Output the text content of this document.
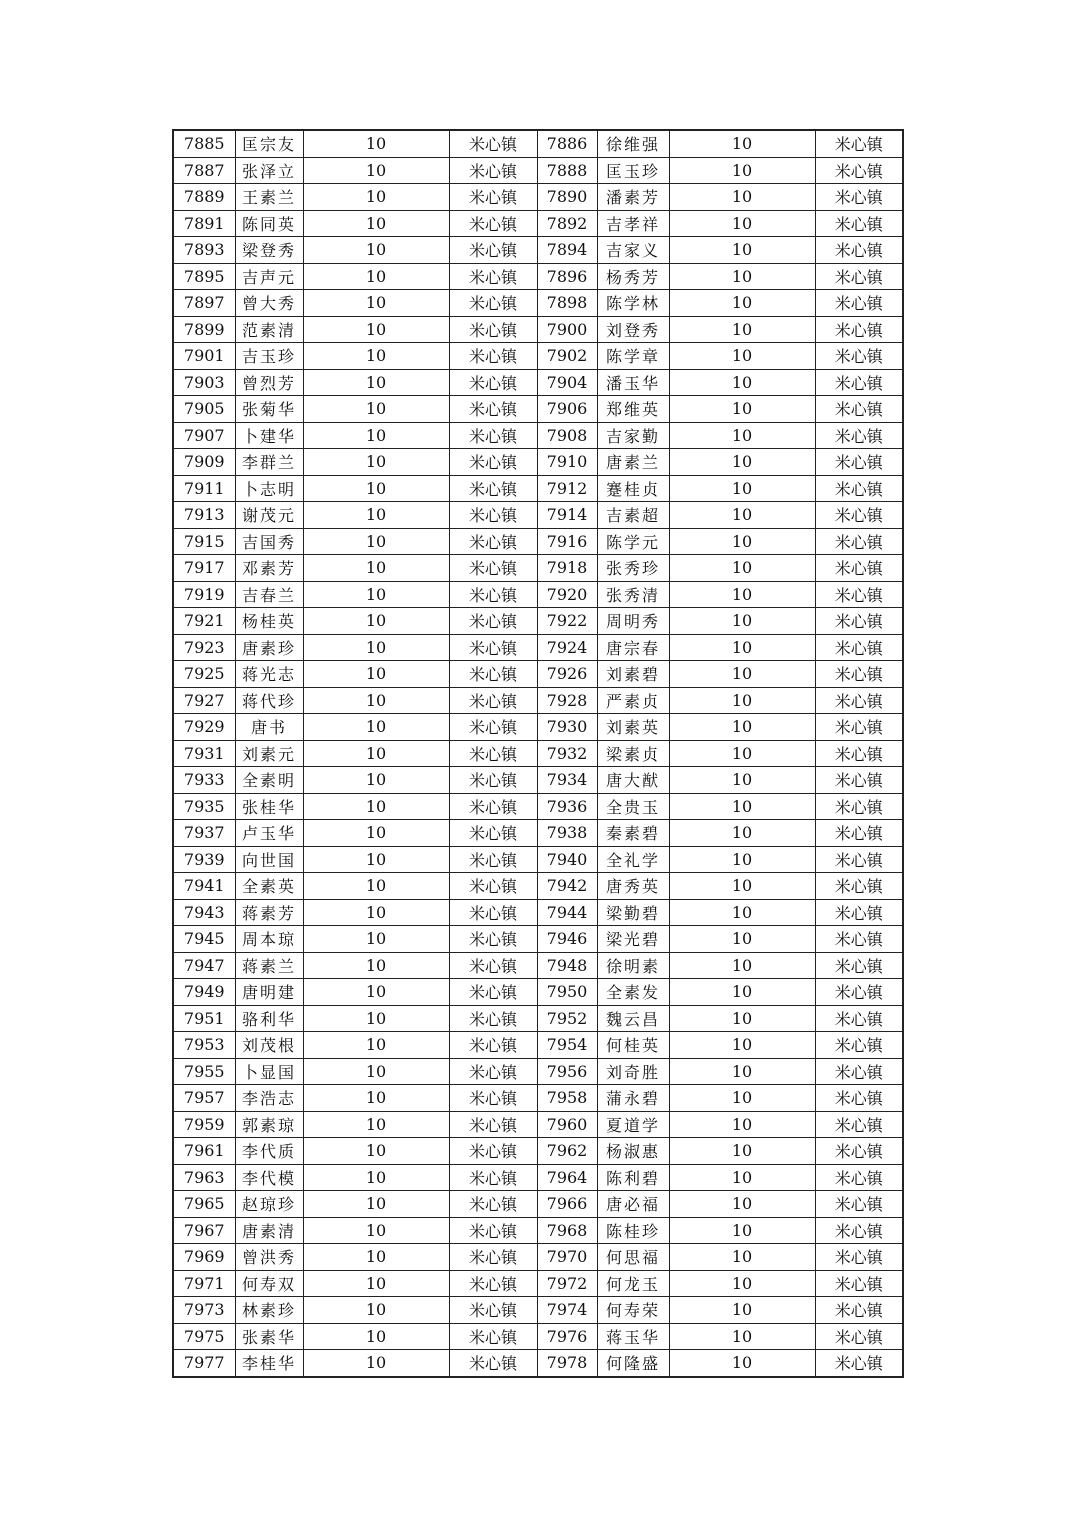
7885	匡宗友	10	米心镇	7886	徐维强	10	米心镇
7887	张泽立	10	米心镇	7888	匡玉珍	10	米心镇
7889	王素兰	10	米心镇	7890	潘素芳	10	米心镇
7891	陈同英	10	米心镇	7892	吉孝祥	10	米心镇
7893	梁登秀	10	米心镇	7894	吉家义	10	米心镇
7895	吉声元	10	米心镇	7896	杨秀芳	10	米心镇
7897	曾大秀	10	米心镇	7898	陈学林	10	米心镇
7899	范素清	10	米心镇	7900	刘登秀	10	米心镇
7901	吉玉珍	10	米心镇	7902	陈学章	10	米心镇
7903	曾烈芳	10	米心镇	7904	潘玉华	10	米心镇
7905	张菊华	10	米心镇	7906	郑维英	10	米心镇
7907	卜建华	10	米心镇	7908	吉家勤	10	米心镇
7909	李群兰	10	米心镇	7910	唐素兰	10	米心镇
7911	卜志明	10	米心镇	7912	蹇桂贞	10	米心镇
7913	谢茂元	10	米心镇	7914	吉素超	10	米心镇
7915	吉国秀	10	米心镇	7916	陈学元	10	米心镇
7917	邓素芳	10	米心镇	7918	张秀珍	10	米心镇
7919	吉春兰	10	米心镇	7920	张秀清	10	米心镇
7921	杨桂英	10	米心镇	7922	周明秀	10	米心镇
7923	唐素珍	10	米心镇	7924	唐宗春	10	米心镇
7925	蒋光志	10	米心镇	7926	刘素碧	10	米心镇
7927	蒋代珍	10	米心镇	7928	严素贞	10	米心镇
7929	唐书	10	米心镇	7930	刘素英	10	米心镇
7931	刘素元	10	米心镇	7932	梁素贞	10	米心镇
7933	全素明	10	米心镇	7934	唐大猷	10	米心镇
7935	张桂华	10	米心镇	7936	全贵玉	10	米心镇
7937	卢玉华	10	米心镇	7938	秦素碧	10	米心镇
7939	向世国	10	米心镇	7940	全礼学	10	米心镇
7941	全素英	10	米心镇	7942	唐秀英	10	米心镇
7943	蒋素芳	10	米心镇	7944	梁勤碧	10	米心镇
7945	周本琼	10	米心镇	7946	梁光碧	10	米心镇
7947	蒋素兰	10	米心镇	7948	徐明素	10	米心镇
7949	唐明建	10	米心镇	7950	全素发	10	米心镇
7951	骆利华	10	米心镇	7952	魏云昌	10	米心镇
7953	刘茂根	10	米心镇	7954	何桂英	10	米心镇
7955	卜显国	10	米心镇	7956	刘奇胜	10	米心镇
7957	李浩志	10	米心镇	7958	蒲永碧	10	米心镇
7959	郭素琼	10	米心镇	7960	夏道学	10	米心镇
7961	李代质	10	米心镇	7962	杨淑惠	10	米心镇
7963	李代模	10	米心镇	7964	陈利碧	10	米心镇
7965	赵琼珍	10	米心镇	7966	唐必福	10	米心镇
7967	唐素清	10	米心镇	7968	陈桂珍	10	米心镇
7969	曾洪秀	10	米心镇	7970	何思福	10	米心镇
7971	何寿双	10	米心镇	7972	何龙玉	10	米心镇
7973	林素珍	10	米心镇	7974	何寿荣	10	米心镇
7975	张素华	10	米心镇	7976	蒋玉华	10	米心镇
7977	李桂华	10	米心镇	7978	何隆盛	10	米心镇
